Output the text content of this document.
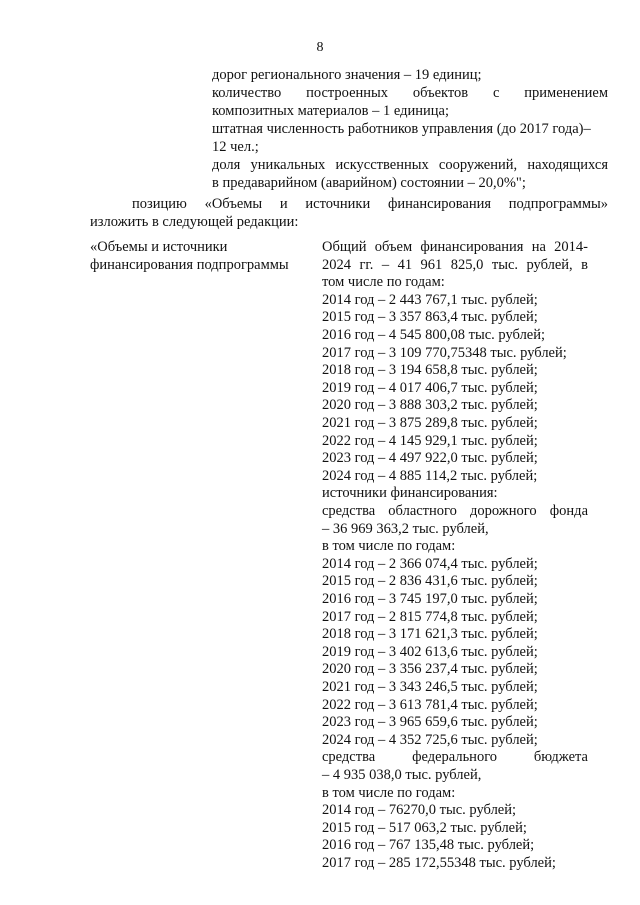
8
дорог регионального значения – 19 единиц;
количество построенных объектов с применением
композитных материалов – 1 единица;
штатная численность работников управления (до 2017 года)–
12 чел.;
доля уникальных искусственных сооружений, находящихся
в предаварийном (аварийном) состоянии – 20,0%";
позицию «Объемы и источники финансирования подпрограммы»
изложить в следующей редакции:
«Объемы и источники
финансирования подпрограммы
Общий объем финансирования на 2014-
2024 гг. – 41 961 825,0 тыс. рублей, в
том числе по годам:
2014 год – 2 443 767,1 тыс. рублей;
2015 год – 3 357 863,4 тыс. рублей;
2016 год – 4 545 800,08 тыс. рублей;
2017 год – 3 109 770,75348 тыс. рублей;
2018 год – 3 194 658,8 тыс. рублей;
2019 год – 4 017 406,7 тыс. рублей;
2020 год – 3 888 303,2 тыс. рублей;
2021 год – 3 875 289,8 тыс. рублей;
2022 год – 4 145 929,1 тыс. рублей;
2023 год – 4 497 922,0 тыс. рублей;
2024 год – 4 885 114,2 тыс. рублей;
источники финансирования:
средства областного дорожного фонда
– 36 969 363,2 тыс. рублей,
в том числе по годам:
2014 год – 2 366 074,4 тыс. рублей;
2015 год – 2 836 431,6 тыс. рублей;
2016 год – 3 745 197,0 тыс. рублей;
2017 год – 2 815 774,8 тыс. рублей;
2018 год – 3 171 621,3 тыс. рублей;
2019 год – 3 402 613,6 тыс. рублей;
2020 год – 3 356 237,4 тыс. рублей;
2021 год – 3 343 246,5 тыс. рублей;
2022 год – 3 613 781,4 тыс. рублей;
2023 год – 3 965 659,6 тыс. рублей;
2024 год – 4 352 725,6 тыс. рублей;
средства федерального бюджета
– 4 935 038,0 тыс. рублей,
в том числе по годам:
2014 год – 76270,0 тыс. рублей;
2015 год – 517 063,2 тыс. рублей;
2016 год – 767 135,48 тыс. рублей;
2017 год – 285 172,55348 тыс. рублей;
